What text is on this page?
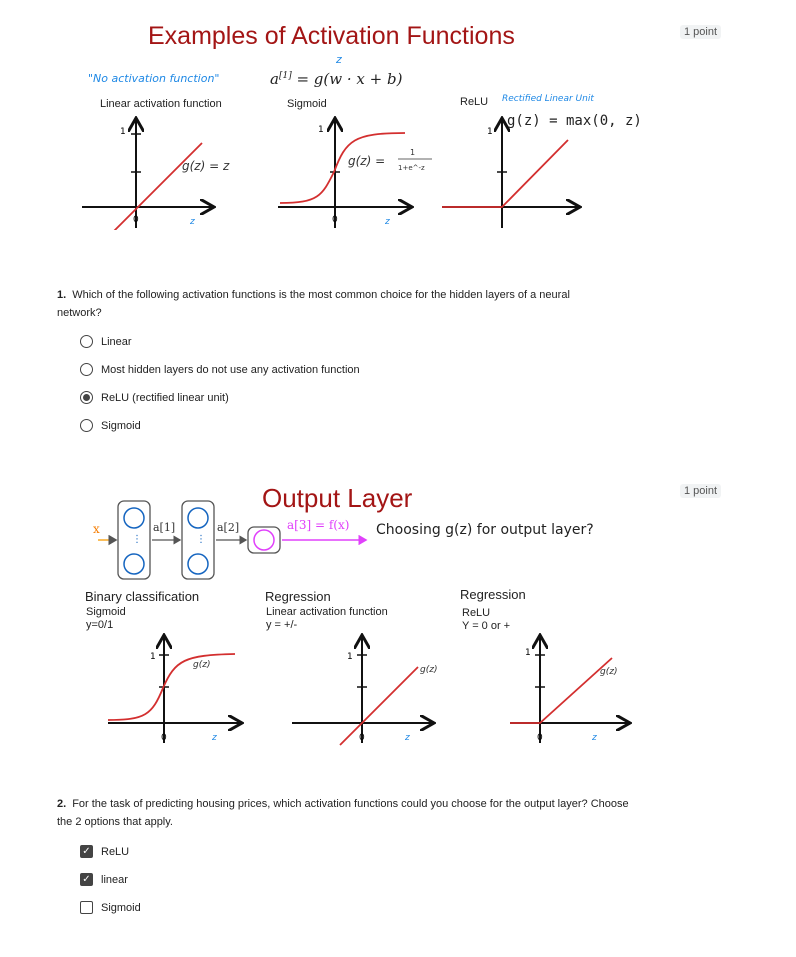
Examples of Activation Functions
"No activation function"	a[1] = g(w · x + b)
z
Linear activation function	Sigmoid	ReLU Rectified Linear Unit
g(z) = max(0, z)
1
0	z
g(z) = z
1
0	z
g(z) =
1
1+e^-z
1
1 point
1. Which of the following activation functions is the most common choice for the hidden layers of a neural network?
Linear
Most hidden layers do not use any activation function
ReLU (rectified linear unit)
Sigmoid
1 point
Output Layer
⋮	⋮
x	a[1]	a[2]	a[3] = f(x) Choosing g(z) for output layer?
Binary classification
Sigmoid
y=0/1
Regression
Linear activation function
y = +/-
Regression
ReLU
Y = 0 or +
1
0	z
g(z)
1
0	z
g(z)
1
0	z
g(z)
2. For the task of predicting housing prices, which activation functions could you choose for the output layer? Choose the 2 options that apply.
✓ ReLU
✓ linear
Sigmoid
